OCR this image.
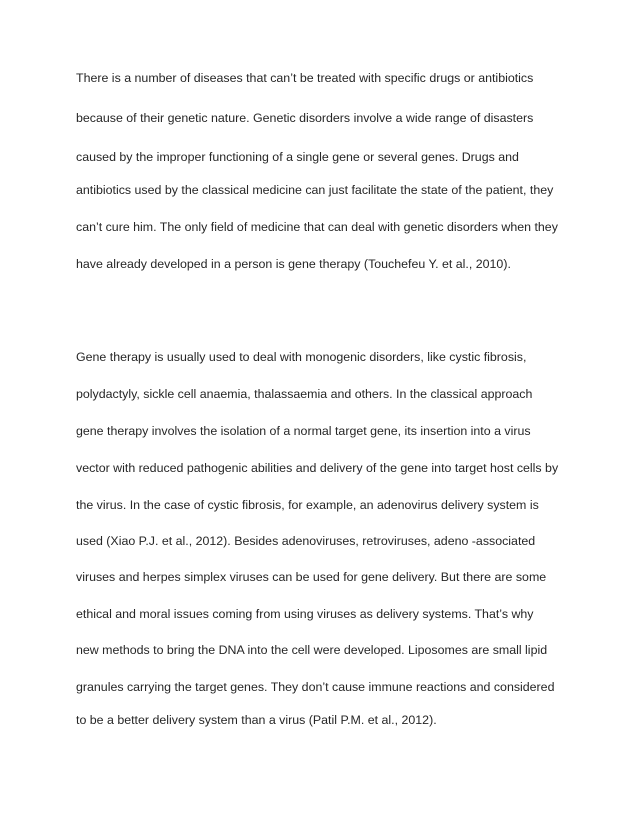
There is a number of diseases that can’t be treated with specific drugs or antibiotics

because of their genetic nature. Genetic disorders involve a wide range of disasters

caused by the improper functioning of a single gene or several genes. Drugs and

antibiotics used by the classical medicine can just facilitate the state of the patient, they

can’t cure him. The only field of medicine that can deal with genetic disorders when they

have already developed in a person is gene therapy (Touchefeu Y. et al., 2010).

Gene therapy is usually used to deal with monogenic disorders, like cystic fibrosis,

polydactyly, sickle cell anaemia, thalassaemia and others. In the classical approach

gene therapy involves the isolation of a normal target gene, its insertion into a virus

vector with reduced pathogenic abilities and delivery of the gene into target host cells by

the virus. In the case of cystic fibrosis, for example, an adenovirus delivery system is

used (Xiao P.J. et al., 2012). Besides adenoviruses, retroviruses, adeno -associated

viruses and herpes simplex viruses can be used for gene delivery. But there are some

ethical and moral issues coming from using viruses as delivery systems. That’s why

new methods to bring the DNA into the cell were developed. Liposomes are small lipid

granules carrying the target genes. They don’t cause immune reactions and considered

to be a better delivery system than a virus (Patil P.M. et al., 2012).
